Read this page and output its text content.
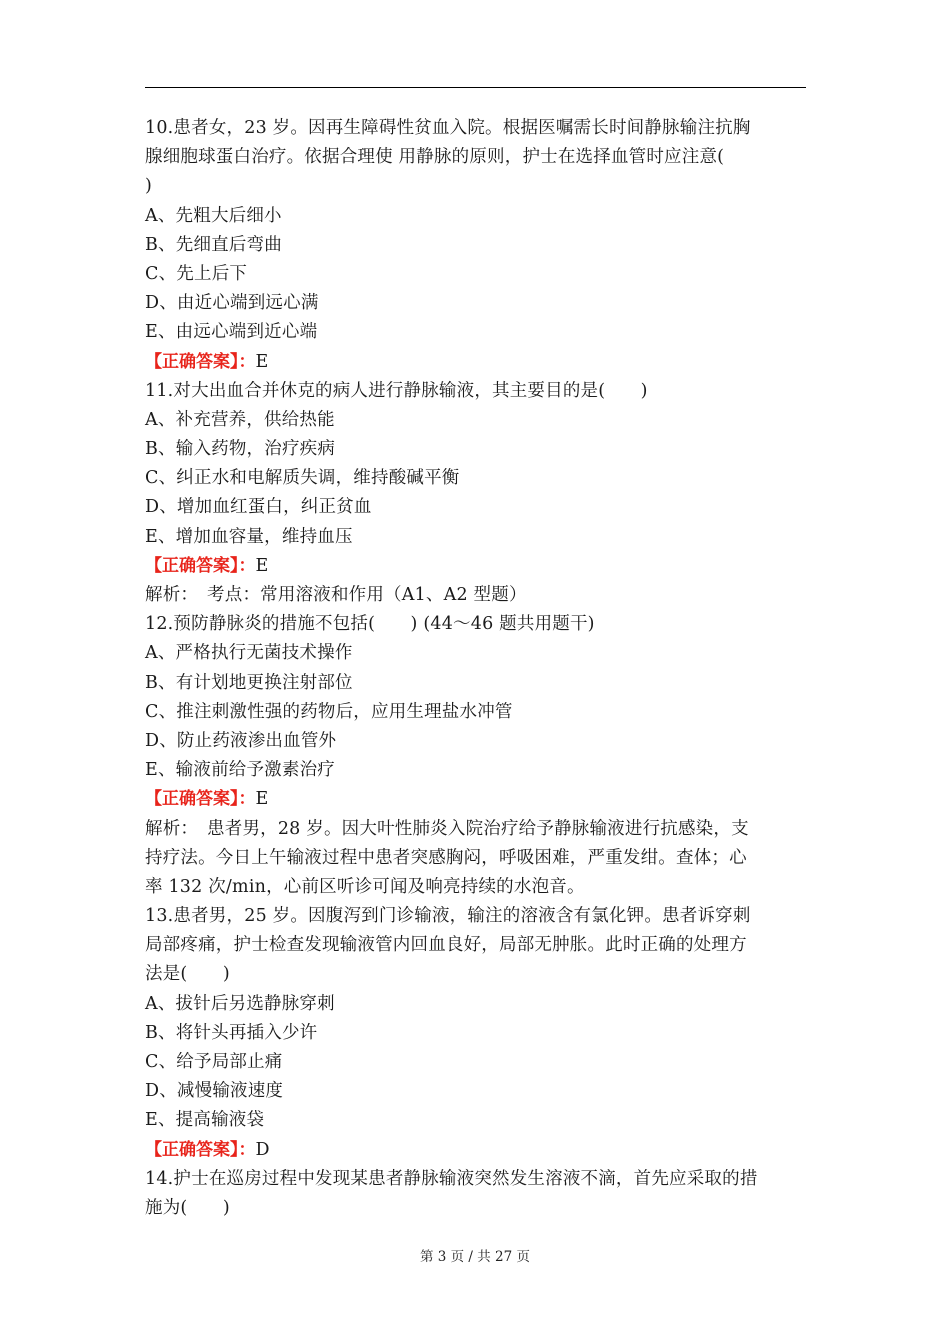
10.患者女，23 岁。因再生障碍性贫血入院。根据医嘱需长时间静脉输注抗胸
腺细胞球蛋白治疗。依据合理使 用静脉的原则，护士在选择血管时应注意(
)
A、先粗大后细小
B、先细直后弯曲
C、先上后下
D、由近心端到远心满
E、由远心端到近心端
【正确答案】：E
11.对大出血合并休克的病人进行静脉输液，其主要目的是(　　)
A、补充营养，供给热能
B、输入药物，治疗疾病
C、纠正水和电解质失调，维持酸碱平衡
D、增加血红蛋白，纠正贫血
E、增加血容量，维持血压
【正确答案】：E
解析：　考点：常用溶液和作用（A1、A2 型题）
12.预防静脉炎的措施不包括(　　) (44～46 题共用题干)
A、严格执行无菌技术操作
B、有计划地更换注射部位
C、推注刺激性强的药物后，应用生理盐水冲管
D、防止药液渗出血管外
E、输液前给予激素治疗
【正确答案】：E
解析：　患者男，28 岁。因大叶性肺炎入院治疗给予静脉输液进行抗感染，支
持疗法。今日上午输液过程中患者突感胸闷，呼吸困难，严重发绀。查体；心
率 132 次/min，心前区听诊可闻及响亮持续的水泡音。
13.患者男，25 岁。因腹泻到门诊输液，输注的溶液含有氯化钾。患者诉穿刺
局部疼痛，护士检查发现输液管内回血良好，局部无肿胀。此时正确的处理方
法是(　　)
A、拔针后另选静脉穿刺
B、将针头再插入少许
C、给予局部止痛
D、减慢输液速度
E、提高输液袋
【正确答案】：D
14.护士在巡房过程中发现某患者静脉输液突然发生溶液不滴，首先应采取的措
施为(　　)
第 3 页 / 共 27 页
